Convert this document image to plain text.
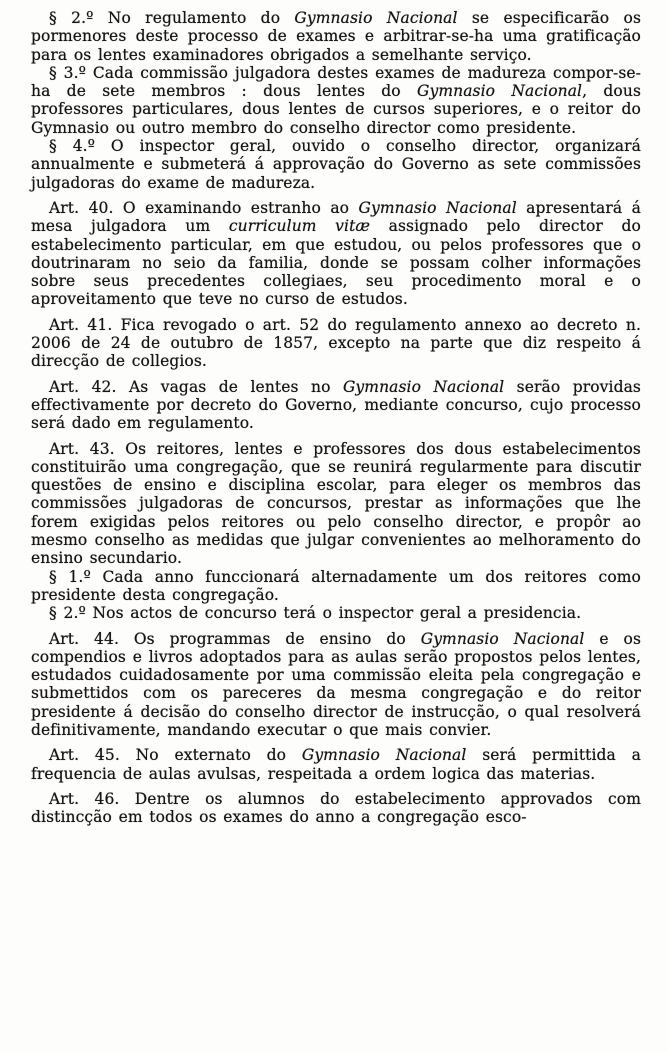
§ 2.º No regulamento do Gymnasio Nacional se especificarão os pormenores deste processo de exames e arbitrar-se-ha uma gratificação para os lentes examinadores obrigados a semelhante serviço.

§ 3.º Cada commissão julgadora destes exames de madureza compor-se-ha de sete membros : dous lentes do Gymnasio Nacional, dous professores particulares, dous lentes de cursos superiores, e o reitor do Gymnasio ou outro membro do conselho director como presidente.

§ 4.º O inspector geral, ouvido o conselho director, organizará annualmente e submeterá á approvação do Governo as sete commissões julgadoras do exame de madureza.

Art. 40. O examinando estranho ao Gymnasio Nacional apresentará á mesa julgadora um curriculum vitæ assignado pelo director do estabelecimento particular, em que estudou, ou pelos professores que o doutrinaram no seio da familia, donde se possam colher informações sobre seus precedentes collegiaes, seu procedimento moral e o aproveitamento que teve no curso de estudos.

Art. 41. Fica revogado o art. 52 do regulamento annexo ao decreto n. 2006 de 24 de outubro de 1857, excepto na parte que diz respeito á direcção de collegios.

Art. 42. As vagas de lentes no Gymnasio Nacional serão providas effectivamente por decreto do Governo, mediante concurso, cujo processo será dado em regulamento.

Art. 43. Os reitores, lentes e professores dos dous estabelecimentos constituirão uma congregação, que se reunirá regularmente para discutir questões de ensino e disciplina escolar, para eleger os membros das commissões julgadoras de concursos, prestar as informações que lhe forem exigidas pelos reitores ou pelo conselho director, e propôr ao mesmo conselho as medidas que julgar convenientes ao melhoramento do ensino secundario.

§ 1.º Cada anno funccionará alternadamente um dos reitores como presidente desta congregação.

§ 2.º Nos actos de concurso terá o inspector geral a presidencia.

Art. 44. Os programmas de ensino do Gymnasio Nacional e os compendios e livros adoptados para as aulas serão propostos pelos lentes, estudados cuidadosamente por uma commissão eleita pela congregação e submettidos com os pareceres da mesma congregação e do reitor presidente á decisão do conselho director de instrucção, o qual resolverá definitivamente, mandando executar o que mais convier.

Art. 45. No externato do Gymnasio Nacional será permittida a frequencia de aulas avulsas, respeitada a ordem logica das materias.

Art. 46. Dentre os alumnos do estabelecimento approvados com distincção em todos os exames do anno a congregação esco-
